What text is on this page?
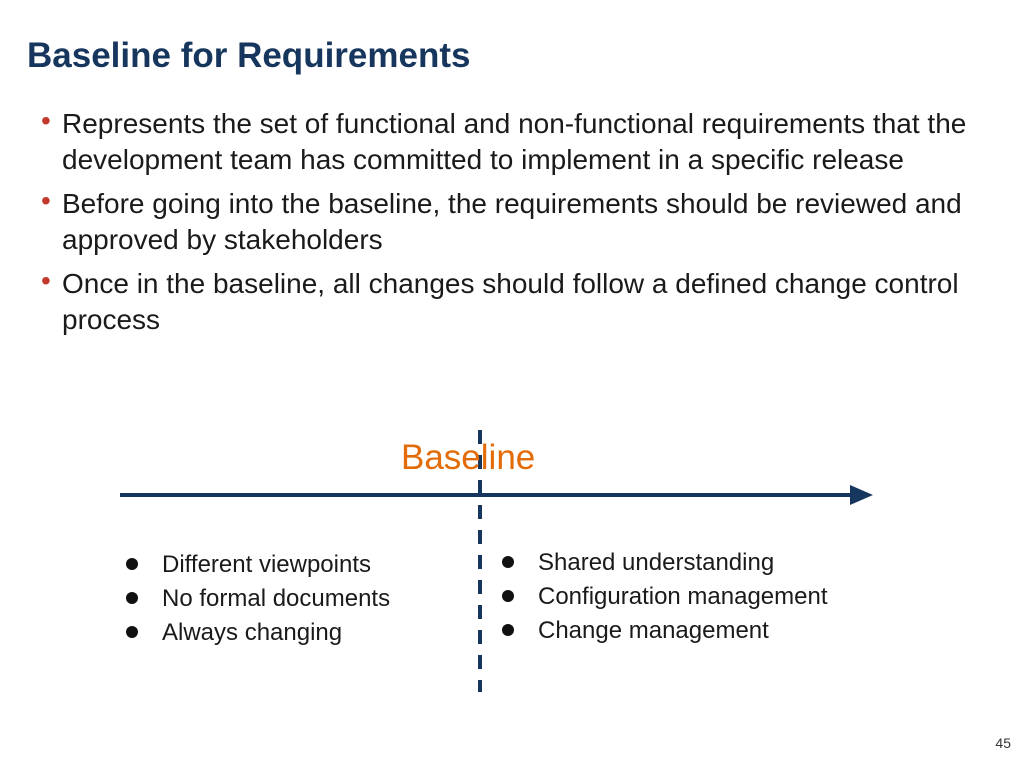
Baseline for Requirements
• Represents the set of functional and non-functional requirements that the development team has committed to implement in a specific release
• Before going into the baseline, the requirements should be reviewed and approved by stakeholders
• Once in the baseline, all changes should follow a defined change control process
Baseline
Different viewpoints
No formal documents
Always changing
Shared understanding
Configuration management
Change management
45
